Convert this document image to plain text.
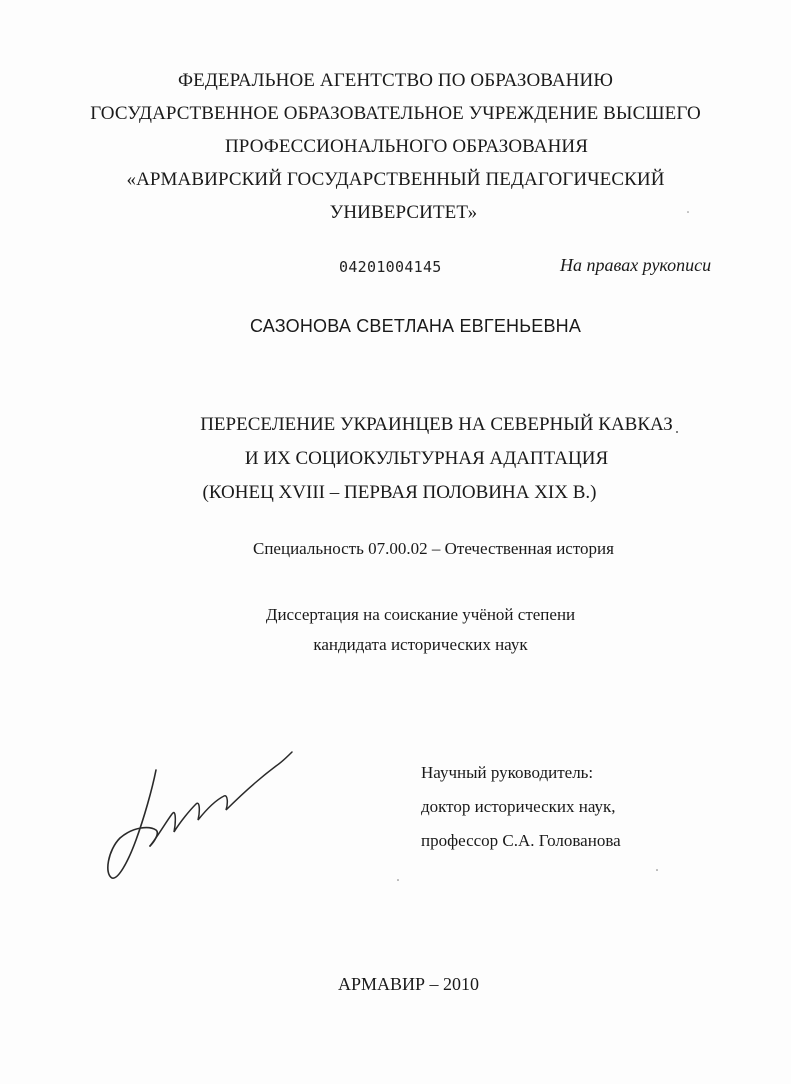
ФЕДЕРАЛЬНОЕ АГЕНТСТВО ПО ОБРАЗОВАНИЮ
ГОСУДАРСТВЕННОЕ ОБРАЗОВАТЕЛЬНОЕ УЧРЕЖДЕНИЕ ВЫСШЕГО
ПРОФЕССИОНАЛЬНОГО ОБРАЗОВАНИЯ
«АРМАВИРСКИЙ ГОСУДАРСТВЕННЫЙ ПЕДАГОГИЧЕСКИЙ
УНИВЕРСИТЕТ»
04201004145	На правах рукописи
САЗОНОВА СВЕТЛАНА ЕВГЕНЬЕВНА
ПЕРЕСЕЛЕНИЕ УКРАИНЦЕВ НА СЕВЕРНЫЙ КАВКАЗ
И ИХ СОЦИОКУЛЬТУРНАЯ АДАПТАЦИЯ
(КОНЕЦ XVIII – ПЕРВАЯ ПОЛОВИНА XIX В.)
Специальность 07.00.02 – Отечественная история
Диссертация на соискание учёной степени
кандидата исторических наук
Научный руководитель:
доктор исторических наук,
профессор С.А. Голованова
АРМАВИР – 2010
